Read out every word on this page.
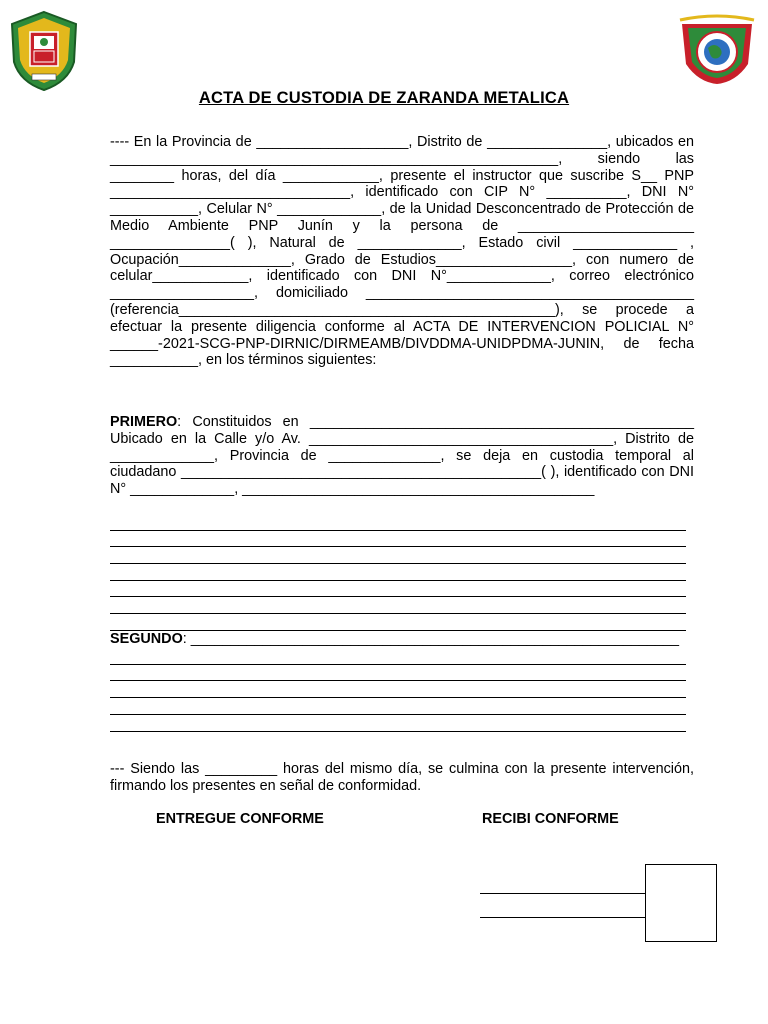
ACTA DE CUSTODIA DE ZARANDA METALICA

---- En la Provincia de ___________________, Distrito de _______________, ubicados en ________________________________________________________, siendo las ________ horas, del día ____________, presente el instructor que suscribe S__ PNP ______________________________, identificado con CIP N° __________, DNI N° ___________, Celular N° _____________, de la Unidad Desconcentrado de Protección de Medio Ambiente PNP Junín y la persona de ______________________ _______________( ), Natural de _____________, Estado civil _____________ , Ocupación______________, Grado de Estudios_________________, con numero de celular____________, identificado con DNI N°_____________, correo electrónico __________________, domiciliado _________________________________________ (referencia_______________________________________________), se procede a efectuar la presente diligencia conforme al ACTA DE INTERVENCION POLICIAL N° ______-2021-SCG-PNP-DIRNIC/DIRMEAMB/DIVDDMA-UNIDPDMA-JUNIN, de fecha ___________, en los términos siguientes:

PRIMERO: Constituidos en ________________________________________________ Ubicado en la Calle y/o Av. ______________________________________, Distrito de _____________, Provincia de ______________, se deja en custodia temporal al ciudadano _____________________________________________( ), identificado con DNI N° _____________, ____________________________________________

SEGUNDO: _____________________________________________________________

--- Siendo las _________ horas del mismo día, se culmina con la presente intervención, firmando los presentes en señal de conformidad.

ENTREGUE CONFORME	RECIBI CONFORME
